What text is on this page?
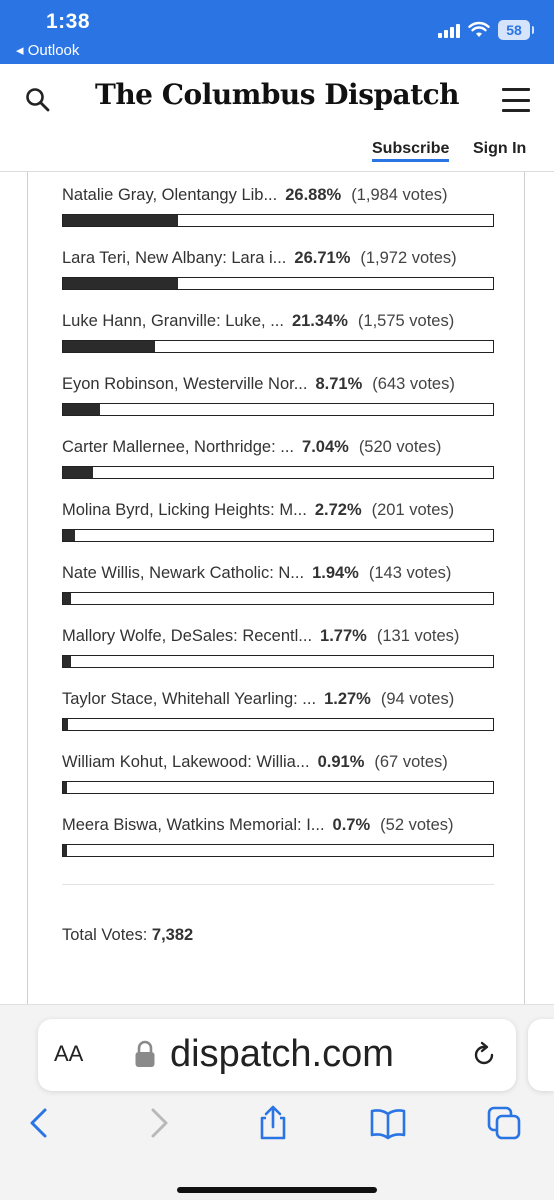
1:38
◂ Outlook
58
The Columbus Dispatch
Subscribe Sign In
Natalie Gray, Olentangy Lib... 26.88% (1,984 votes)
Lara Teri, New Albany: Lara i... 26.71% (1,972 votes)
Luke Hann, Granville: Luke, ... 21.34% (1,575 votes)
Eyon Robinson, Westerville Nor... 8.71% (643 votes)
Carter Mallernee, Northridge: ... 7.04% (520 votes)
Molina Byrd, Licking Heights: M... 2.72% (201 votes)
Nate Willis, Newark Catholic: N... 1.94% (143 votes)
Mallory Wolfe, DeSales: Recentl... 1.77% (131 votes)
Taylor Stace, Whitehall Yearling: ... 1.27% (94 votes)
William Kohut, Lakewood: Willia... 0.91% (67 votes)
Meera Biswa, Watkins Memorial: I... 0.7% (52 votes)
Total Votes: 7,382
AA dispatch.com
